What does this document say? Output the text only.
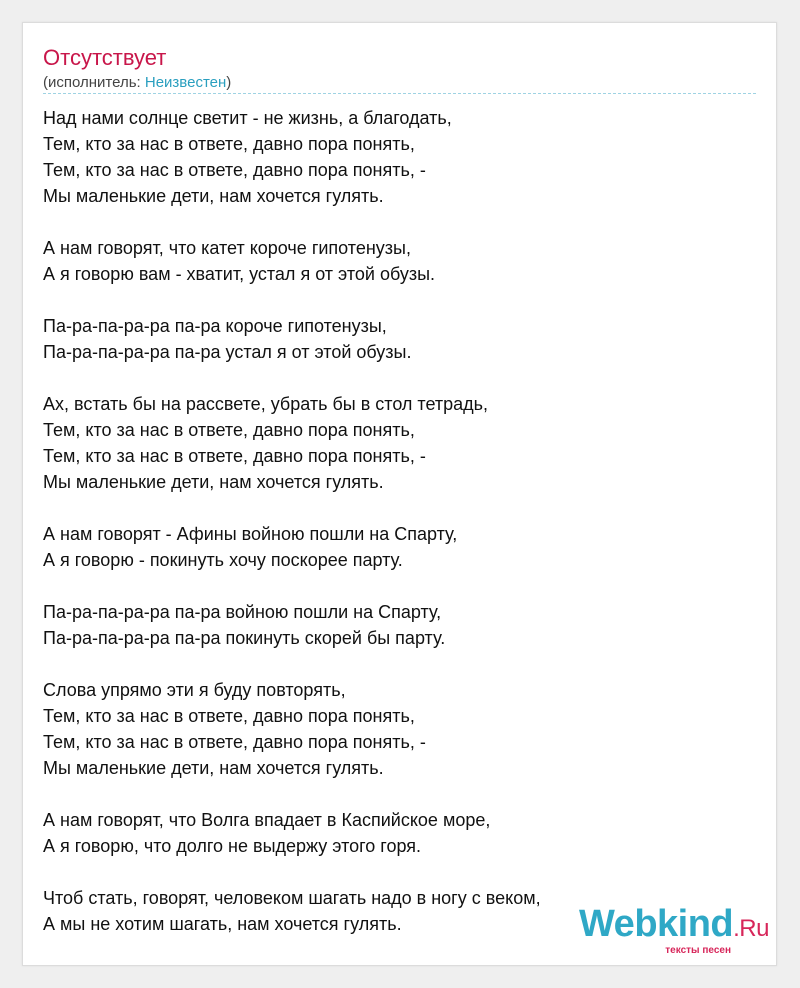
Отсутствует
(исполнитель: Неизвестен)
Над нами солнце светит - не жизнь, а благодать,
Тем, кто за нас в ответе, давно пора понять,
Тем, кто за нас в ответе, давно пора понять, -
Мы маленькие дети, нам хочется гулять.
А нам говорят, что катет короче гипотенузы,
А я говорю вам - хватит, устал я от этой обузы.
Па-ра-па-ра-ра па-ра короче гипотенузы,
Па-ра-па-ра-ра па-ра устал я от этой обузы.
Ах, встать бы на рассвете, убрать бы в стол тетрадь,
Тем, кто за нас в ответе, давно пора понять,
Тем, кто за нас в ответе, давно пора понять, -
Мы маленькие дети, нам хочется гулять.
А нам говорят - Афины войною пошли на Спарту,
А я говорю - покинуть хочу поскорее парту.
Па-ра-па-ра-ра па-ра войною пошли на Спарту,
Па-ра-па-ра-ра па-ра покинуть скорей бы парту.
Слова упрямо эти я буду повторять,
Тем, кто за нас в ответе, давно пора понять,
Тем, кто за нас в ответе, давно пора понять, -
Мы маленькие дети, нам хочется гулять.
А нам говорят, что Волга впадает в Каспийское море,
А я говорю, что долго не выдержу этого горя.
Чтоб стать, говорят, человеком шагать надо в ногу с веком,
А мы не хотим шагать, нам хочется гулять.	Webkind.Ru
тексты песен
